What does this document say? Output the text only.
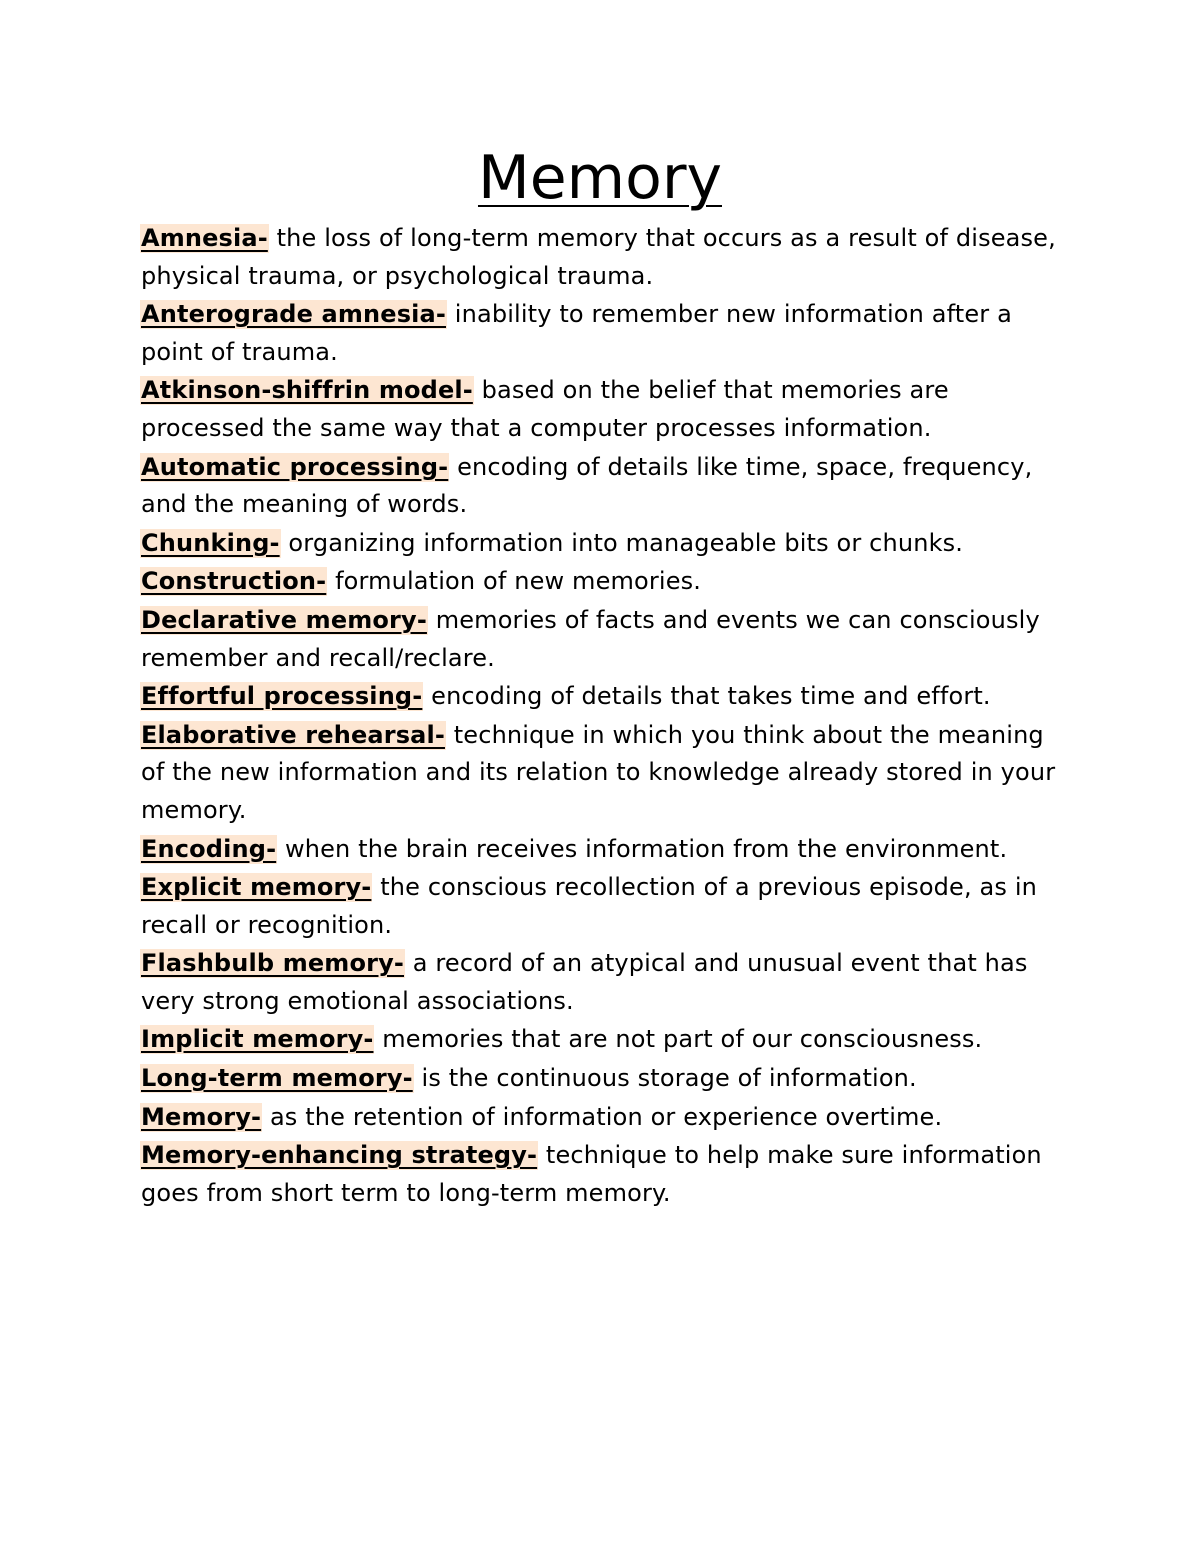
Memory

Amnesia- the loss of long-term memory that occurs as a result of disease, physical trauma, or psychological trauma.

Anterograde amnesia- inability to remember new information after a point of trauma.

Atkinson-shiffrin model- based on the belief that memories are processed the same way that a computer processes information.

Automatic processing- encoding of details like time, space, frequency, and the meaning of words.

Chunking- organizing information into manageable bits or chunks.

Construction- formulation of new memories.

Declarative memory- memories of facts and events we can consciously remember and recall/reclare.

Effortful processing- encoding of details that takes time and effort.

Elaborative rehearsal- technique in which you think about the meaning of the new information and its relation to knowledge already stored in your memory.

Encoding- when the brain receives information from the environment.

Explicit memory- the conscious recollection of a previous episode, as in recall or recognition.

Flashbulb memory- a record of an atypical and unusual event that has very strong emotional associations.

Implicit memory- memories that are not part of our consciousness.

Long-term memory- is the continuous storage of information.

Memory- as the retention of information or experience overtime.

Memory-enhancing strategy- technique to help make sure information goes from short term to long-term memory.
